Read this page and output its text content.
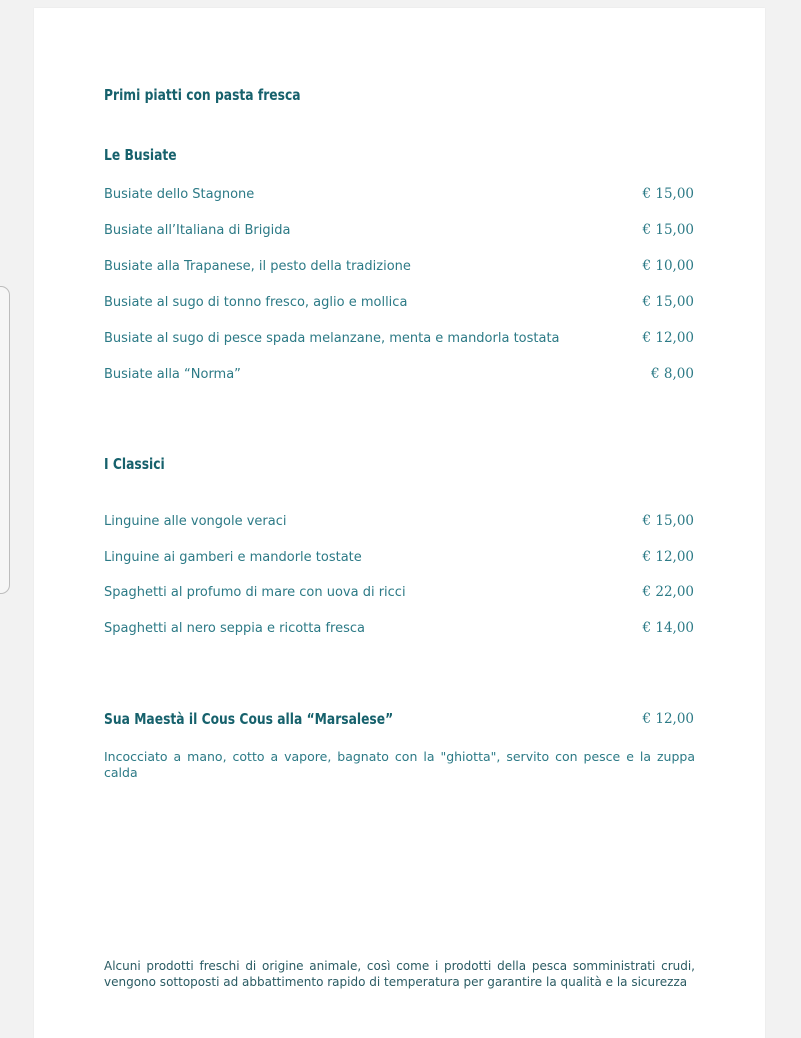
Primi piatti con pasta fresca
Le Busiate
Busiate dello Stagnone	€ 15,00
Busiate all’Italiana di Brigida	€ 15,00
Busiate alla Trapanese, il pesto della tradizione	€ 10,00
Busiate al sugo di tonno fresco, aglio e mollica	€ 15,00
Busiate al sugo di pesce spada melanzane, menta e mandorla tostata	€ 12,00
Busiate alla “Norma”	€ 8,00
I Classici
Linguine alle vongole veraci	€ 15,00
Linguine ai gamberi e mandorle tostate	€ 12,00
Spaghetti al profumo di mare con uova di ricci	€ 22,00
Spaghetti al nero seppia e ricotta fresca	€ 14,00
Sua Maestà il Cous Cous alla “Marsalese”	€ 12,00
Incocciato a mano, cotto a vapore, bagnato con la "ghiotta", servito con pesce e la zuppa calda
Alcuni prodotti freschi di origine animale, così come i prodotti della pesca somministrati crudi, vengono sottoposti ad abbattimento rapido di temperatura per garantire la qualità e la sicurezza
